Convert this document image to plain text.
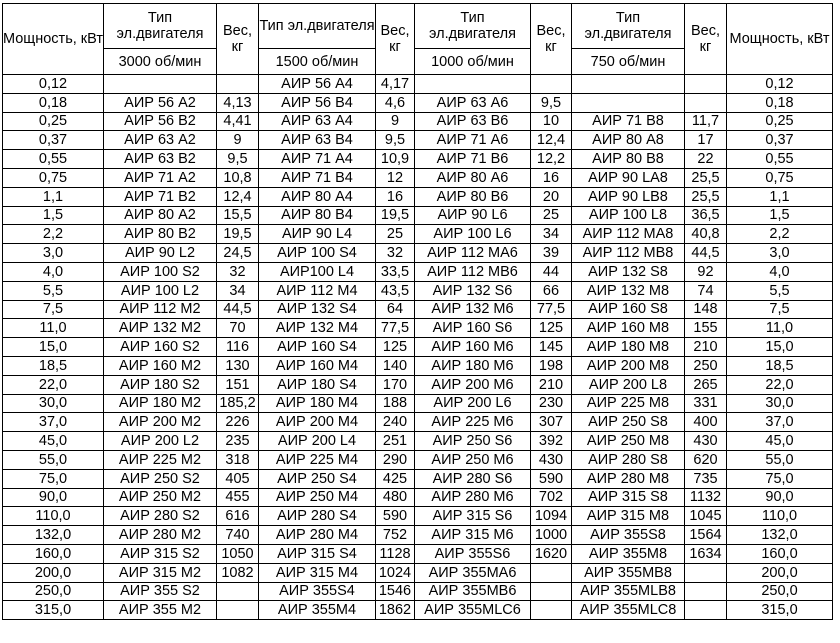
Мощность, кВт	Тип эл.двигателя	Вес, кг	Тип эл.двигателя	Вес, кг	Тип эл.двигателя	Вес, кг	Тип эл.двигателя	Вес, кг	Мощность, кВт
	3000 об/мин		1500 об/мин		1000 об/мин		750 об/мин		
0,12			АИР 56 А4	4,17					0,12
0,18	АИР 56 А2	4,13	АИР 56 В4	4,6	АИР 63 А6	9,5			0,18
0,25	АИР 56 В2	4,41	АИР 63 А4	9	АИР 63 В6	10	АИР 71 В8	11,7	0,25
0,37	АИР 63 А2	9	АИР 63 В4	9,5	АИР 71 А6	12,4	АИР 80 А8	17	0,37
0,55	АИР 63 В2	9,5	АИР 71 А4	10,9	АИР 71 В6	12,2	АИР 80 В8	22	0,55
0,75	АИР 71 А2	10,8	АИР 71 В4	12	АИР 80 А6	16	АИР 90 LA8	25,5	0,75
1,1	АИР 71 В2	12,4	АИР 80 А4	16	АИР 80 В6	20	АИР 90 LB8	25,5	1,1
1,5	АИР 80 А2	15,5	АИР 80 В4	19,5	АИР 90 L6	25	АИР 100 L8	36,5	1,5
2,2	АИР 80 В2	19,5	АИР 90 L4	25	АИР 100 L6	34	АИР 112 МА8	40,8	2,2
3,0	АИР 90 L2	24,5	АИР 100 S4	32	АИР 112 МА6	39	АИР 112 МВ8	44,5	3,0
4,0	АИР 100 S2	32	АИР100 L4	33,5	АИР 112 МВ6	44	АИР 132 S8	92	4,0
5,5	АИР 100 L2	34	АИР 112 М4	43,5	АИР 132 S6	66	АИР 132 М8	74	5,5
7,5	АИР 112 М2	44,5	АИР 132 S4	64	АИР 132 М6	77,5	АИР 160 S8	148	7,5
11,0	АИР 132 М2	70	АИР 132 М4	77,5	АИР 160 S6	125	АИР 160 М8	155	11,0
15,0	АИР 160 S2	116	АИР 160 S4	125	АИР 160 М6	145	АИР 180 М8	210	15,0
18,5	АИР 160 М2	130	АИР 160 М4	140	АИР 180 М6	198	АИР 200 М8	250	18,5
22,0	АИР 180 S2	151	АИР 180 S4	170	АИР 200 М6	210	АИР 200 L8	265	22,0
30,0	АИР 180 М2	185,2	АИР 180 М4	188	АИР 200 L6	230	АИР 225 М8	331	30,0
37,0	АИР 200 М2	226	АИР 200 М4	240	АИР 225 М6	307	АИР 250 S8	400	37,0
45,0	АИР 200 L2	235	АИР 200 L4	251	АИР 250 S6	392	АИР 250 М8	430	45,0
55,0	АИР 225 М2	318	АИР 225 М4	290	АИР 250 М6	430	АИР 280 S8	620	55,0
75,0	АИР 250 S2	405	АИР 250 S4	425	АИР 280 S6	590	АИР 280 М8	735	75,0
90,0	АИР 250 М2	455	АИР 250 М4	480	АИР 280 М6	702	АИР 315 S8	1132	90,0
110,0	АИР 280 S2	616	АИР 280 S4	590	АИР 315 S6	1094	АИР 315 М8	1045	110,0
132,0	АИР 280 М2	740	АИР 280 М4	752	АИР 315 М6	1000	АИР 355S8	1564	132,0
160,0	АИР 315 S2	1050	АИР 315 S4	1128	АИР 355S6	1620	АИР 355М8	1634	160,0
200,0	АИР 315 М2	1082	АИР 315 М4	1024	АИР 355МА6		АИР 355МВ8		200,0
250,0	АИР 355 S2		АИР 355S4	1546	АИР 355МВ6		АИР 355MLB8		250,0
315,0	АИР 355 М2		АИР 355М4	1862	АИР 355MLC6		АИР 355MLC8		315,0
